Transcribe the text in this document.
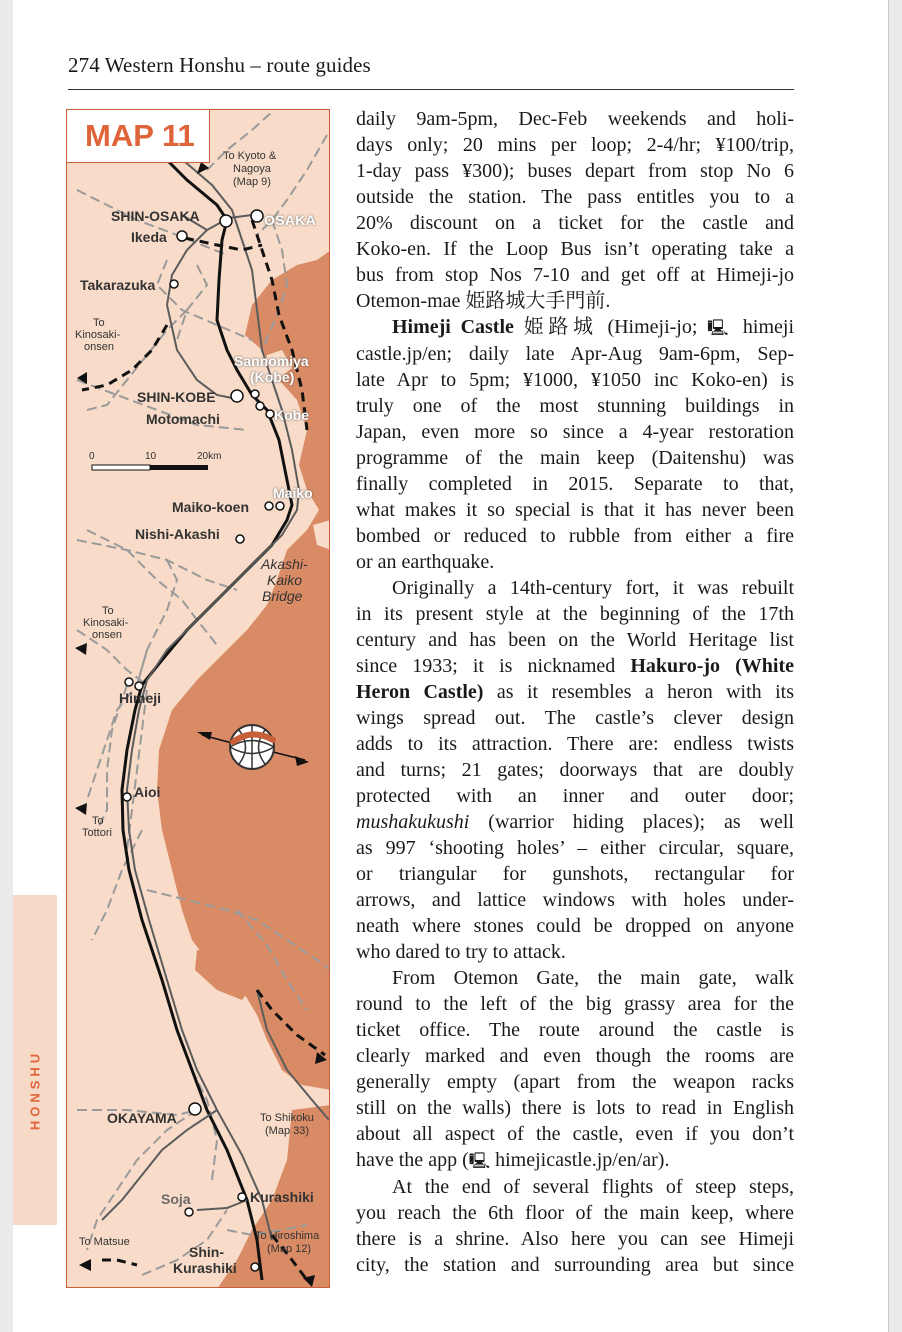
274 Western Honshu – route guides
HONSHU
MAP 11
To Kyoto &
Nagoya
(Map 9)
SHIN-OSAKA	OSAKA
Ikeda
Takarazuka
To
Kinosaki-
onsen
Sannomiya
(Kobe)
SHIN-KOBE
Motomachi	Kobe
0	10	20km
Maiko
Maiko-koen
Nishi-Akashi
Akashi-
Kaiko
Bridge
To
Kinosaki-
onsen
Himeji
Aioi
To
Tottori
OKAYAMA	To Shikoku
(Map 33)
Soja	Kurashiki
To Matsue
Shin-
Kurashiki
To Hiroshima
(Map 12)

daily 9am-5pm, Dec-Feb weekends and holi-
days only; 20 mins per loop; 2-4/hr; ¥100/trip,
1-day pass ¥300); buses depart from stop No 6
outside the station. The pass entitles you to a
20% discount on a ticket for the castle and
Koko-en. If the Loop Bus isn’t operating take a
bus from stop Nos 7-10 and get off at Himeji-jo
Otemon-mae 姫路城大手門前.

Himeji Castle 姫路城 (Himeji-jo; 🖳 himeji
castle.jp/en; daily late Apr-Aug 9am-6pm, Sep-
late Apr to 5pm; ¥1000, ¥1050 inc Koko-en) is
truly one of the most stunning buildings in
Japan, even more so since a 4-year restoration
programme of the main keep (Daitenshu) was
finally completed in 2015. Separate to that,
what makes it so special is that it has never been
bombed or reduced to rubble from either a fire
or an earthquake.

Originally a 14th-century fort, it was rebuilt
in its present style at the beginning of the 17th
century and has been on the World Heritage list
since 1933; it is nicknamed Hakuro-jo (White
Heron Castle) as it resembles a heron with its
wings spread out. The castle’s clever design
adds to its attraction. There are: endless twists
and turns; 21 gates; doorways that are doubly
protected with an inner and outer door;
mushakukushi (warrior hiding places); as well
as 997 ‘shooting holes’ – either circular, square,
or triangular for gunshots, rectangular for
arrows, and lattice windows with holes under-
neath where stones could be dropped on anyone
who dared to try to attack.

From Otemon Gate, the main gate, walk
round to the left of the big grassy area for the
ticket office. The route around the castle is
clearly marked and even though the rooms are
generally empty (apart from the weapon racks
still on the walls) there is lots to read in English
about all aspect of the castle, even if you don’t
have the app (🖳 himejicastle.jp/en/ar).

At the end of several flights of steep steps,
you reach the 6th floor of the main keep, where
there is a shrine. Also here you can see Himeji
city, the station and surrounding area but since
